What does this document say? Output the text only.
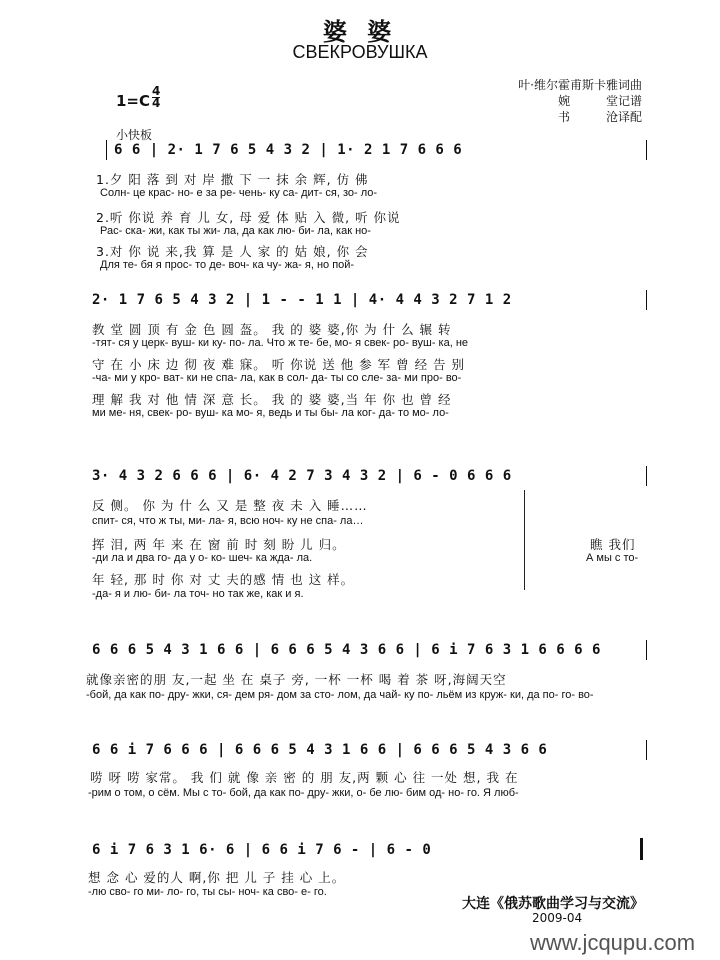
婆 婆
СВЕКРОВУШКА
叶·维尔霍甫斯卡雅词曲
婉　　　堂记谱
书　　　沧译配
1=C
4
4
小快板
6 6 | 2· 1 7 6 5 4 3 2 | 1· 2 1 7 6 6 6
1.夕 阳 落 到 对 岸 撒 下 一 抹 余 辉, 仿 佛
Солн- це крас- но- е за ре- чень- ку са- дит- ся, зо- ло-
2.听 你说 养 育 儿 女, 母 爱 体 贴 入 微, 听 你说
Рас- ска- жи, как ты жи- ла, да как лю- би- ла, как но-
3.对 你 说 来,我 算 是 人 家 的 姑 娘, 你 会
Для те- бя я прос- то де- воч- ка чу- жа- я, но пой-
2· 1 7 6 5 4 3 2 | 1 - - 1 1 | 4· 4 4 3 2 7 1 2
教 堂 圆 顶 有 金 色 圆 盔。 我 的 婆 婆,你 为 什 么 辗 转
-тят- ся у церк- вуш- ки ку- по- ла. Что ж те- бе, мо- я свек- ро- вуш- ка, не
守 在 小 床 边 彻 夜 难 寐。 听 你说 送 他 参 军 曾 经 告 别
-ча- ми у кро- ват- ки не спа- ла, как в сол- да- ты со сле- за- ми про- во-
理 解 我 对 他 情 深 意 长。 我 的 婆 婆,当 年 你 也 曾 经
ми ме- ня, свек- ро- вуш- ка мо- я, ведь и ты бы- ла ког- да- то мо- ло-
3· 4 3 2 6 6 6 | 6· 4 2 7 3 4 3 2 | 6 - 0 6 6 6
反 侧。 你 为 什 么 又 是 整 夜 未 入 睡……
спит- ся, что ж ты, ми- ла- я, всю ноч- ку не спа- ла…
挥 泪, 两 年 来 在 窗 前 时 刻 盼 儿 归。
-ди ла и два го- да у о- ко- шеч- ка жда- ла.
年 轻, 那 时 你 对 丈 夫的感 情 也 这 样。
-да- я и лю- би- ла точ- но так же, как и я.
瞧 我们
А мы с то-
6 6 6 5 4 3 1 6 6 | 6 6 6 5 4 3 6 6 | 6 i 7 6 3 1 6 6 6 6
就像亲密的朋 友,一起 坐 在 桌子 旁, 一杯 一杯 喝 着 茶 呀,海阔天空
-бой, да как по- дру- жки, ся- дем ря- дом за сто- лом, да чай- ку по- льём из круж- ки, да по- го- во-
6 6 i 7 6 6 6 | 6 6 6 5 4 3 1 6 6 | 6 6 6 5 4 3 6 6
唠 呀 唠 家常。 我 们 就 像 亲 密 的 朋 友,两 颗 心 往 一处 想, 我 在
-рим о том, о сём. Мы с то- бой, да как по- дру- жки, о- бе лю- бим од- но- го. Я люб-
6 i 7 6 3 1 6· 6 | 6 6 i 7 6 - | 6 - 0
想 念 心 爱的人 啊,你 把 儿 子 挂 心 上。
-лю сво- го ми- ло- го, ты сы- ноч- ка сво- е- го.
大连《俄苏歌曲学习与交流》
2009-04
www.jcqupu.com
